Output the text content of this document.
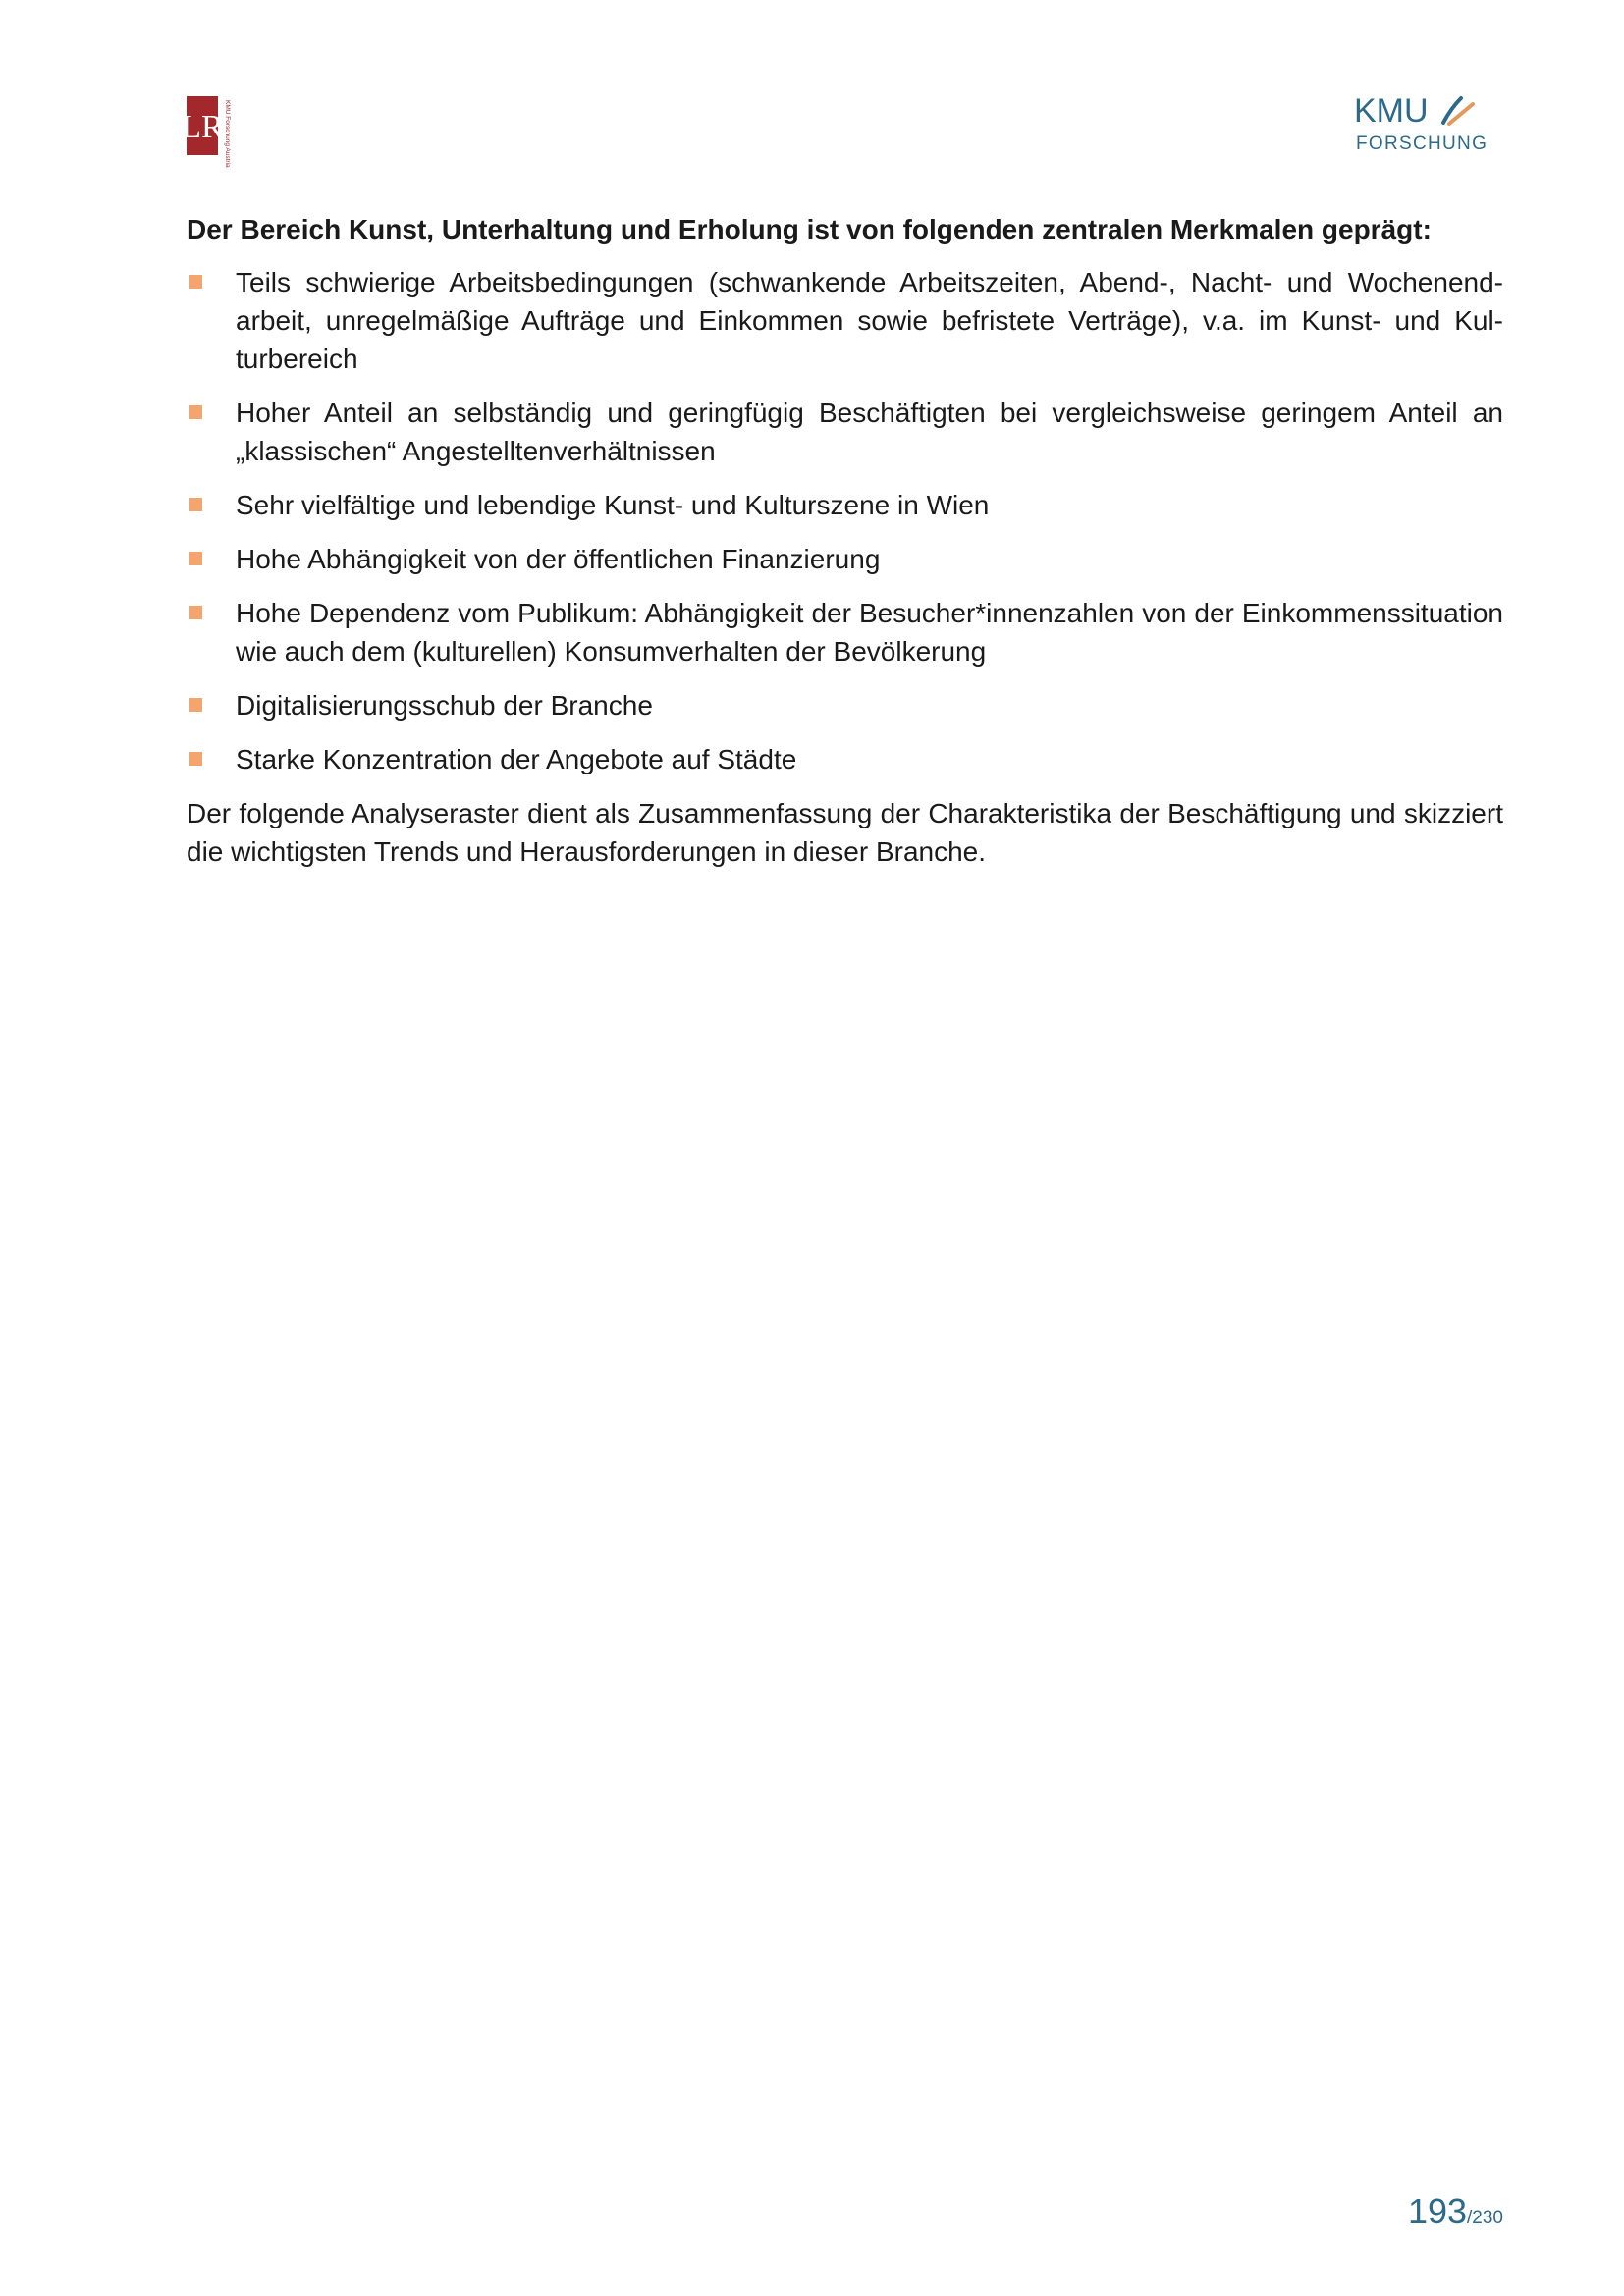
LR KMU Forschung Austria	KMU
FORSCHUNG

Der Bereich Kunst, Unterhaltung und Erholung ist von folgenden zentralen Merkmalen geprägt:

Teils schwierige Arbeitsbedingungen (schwankende Arbeitszeiten, Abend-, Nacht- und Wochenendarbeit, unregelmäßige Aufträge und Einkommen sowie befristete Verträge), v.a. im Kunst- und Kulturbereich
Hoher Anteil an selbständig und geringfügig Beschäftigten bei vergleichsweise geringem Anteil an „klassischen“ Angestelltenverhältnissen
Sehr vielfältige und lebendige Kunst- und Kulturszene in Wien
Hohe Abhängigkeit von der öffentlichen Finanzierung
Hohe Dependenz vom Publikum: Abhängigkeit der Besucher*innenzahlen von der Einkommenssituation wie auch dem (kulturellen) Konsumverhalten der Bevölkerung
Digitalisierungsschub der Branche
Starke Konzentration der Angebote auf Städte

Der folgende Analyseraster dient als Zusammenfassung der Charakteristika der Beschäftigung und skizziert die wichtigsten Trends und Herausforderungen in dieser Branche.

193/230
